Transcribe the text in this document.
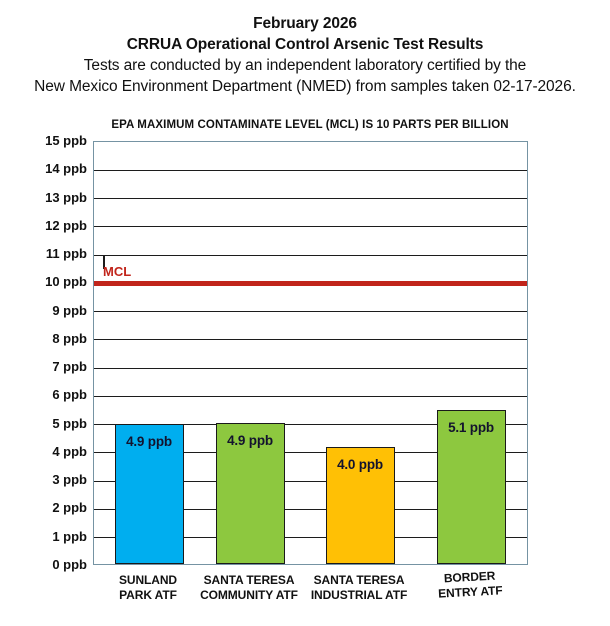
February 2026
CRRUA Operational Control Arsenic Test Results
Tests are conducted by an independent laboratory certified by the
New Mexico Environment Department (NMED) from samples taken 02-17-2026.
EPA MAXIMUM CONTAMINATE LEVEL (MCL) IS 10 PARTS PER BILLION
MCL
4.9 ppb	4.9 ppb
4.0 ppb
5.1 ppb
SUNLAND
PARK ATF
SANTA TERESA
COMMUNITY ATF
SANTA TERESA
INDUSTRIAL ATF
BORDER
ENTRY ATF
15 ppb
14 ppb
13 ppb
12 ppb
11 ppb
10 ppb
9 ppb
8 ppb
7 ppb
6 ppb
5 ppb
4 ppb
3 ppb
2 ppb
1 ppb
0 ppb
